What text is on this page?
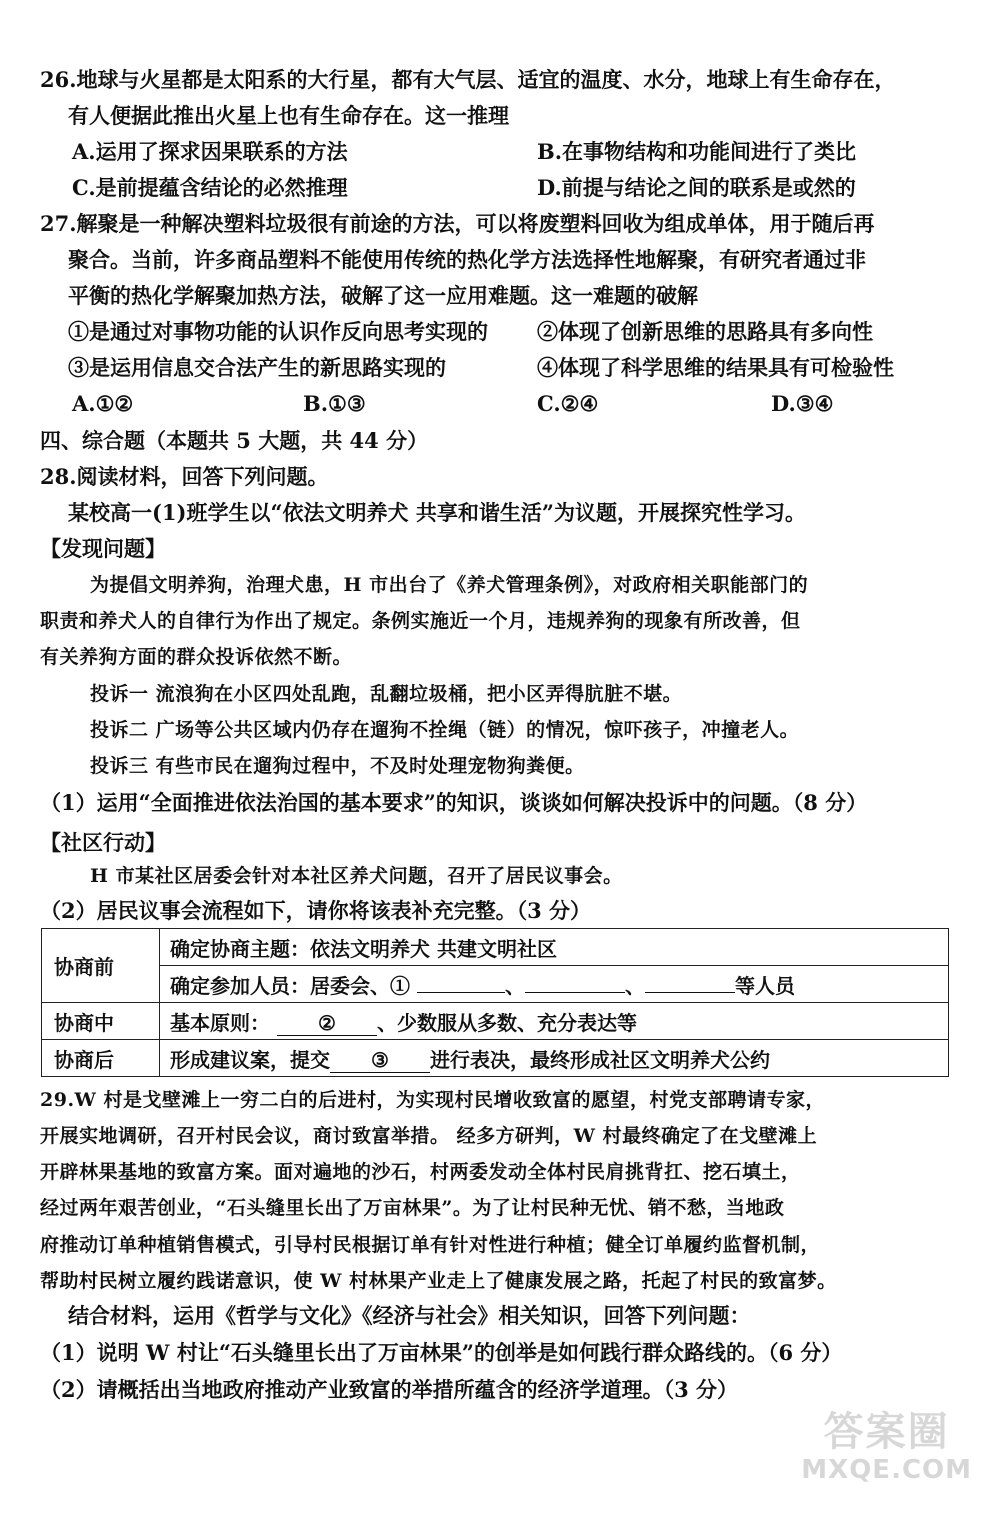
26.地球与火星都是太阳系的大行星，都有大气层、适宜的温度、水分，地球上有生命存在，
有人便据此推出火星上也有生命存在。这一推理
A.运用了探求因果联系的方法	B.在事物结构和功能间进行了类比
C.是前提蕴含结论的必然推理	D.前提与结论之间的联系是或然的
27.解聚是一种解决塑料垃圾很有前途的方法，可以将废塑料回收为组成单体，用于随后再
聚合。当前，许多商品塑料不能使用传统的热化学方法选择性地解聚，有研究者通过非
平衡的热化学解聚加热方法，破解了这一应用难题。这一难题的破解
①是通过对事物功能的认识作反向思考实现的 ②体现了创新思维的思路具有多向性
③是运用信息交合法产生的新思路实现的	④体现了科学思维的结果具有可检验性
A.①②	B.①③	C.②④	D.③④
四、综合题（本题共 5 大题，共 44 分）
28.阅读材料，回答下列问题。
某校高一(1)班学生以“依法文明养犬 共享和谐生活”为议题，开展探究性学习。
【发现问题】
为提倡文明养狗，治理犬患，H 市出台了《养犬管理条例》，对政府相关职能部门的
职责和养犬人的自律行为作出了规定。条例实施近一个月，违规养狗的现象有所改善，但
有关养狗方面的群众投诉依然不断。
投诉一 流浪狗在小区四处乱跑，乱翻垃圾桶，把小区弄得肮脏不堪。
投诉二 广场等公共区域内仍存在遛狗不拴绳（链）的情况，惊吓孩子，冲撞老人。
投诉三 有些市民在遛狗过程中，不及时处理宠物狗粪便。
（1）运用“全面推进依法治国的基本要求”的知识，谈谈如何解决投诉中的问题。（8 分）
【社区行动】
H 市某社区居委会针对本社区养犬问题，召开了居民议事会。
（2）居民议事会流程如下，请你将该表补充完整。（3 分）
协商前	确定协商主题：依法文明养犬 共建文明社区
	确定参加人员：居委会、① 、 、 等人员
协商中	基本原则： ② 、少数服从多数、充分表达等
协商后	形成建议案，提交 ③ 进行表决，最终形成社区文明养犬公约
29.W 村是戈壁滩上一穷二白的后进村，为实现村民增收致富的愿望，村党支部聘请专家，
开展实地调研，召开村民会议，商讨致富举措。 经多方研判，W 村最终确定了在戈壁滩上
开辟林果基地的致富方案。面对遍地的沙石，村两委发动全体村民肩挑背扛、挖石填土，
经过两年艰苦创业，“石头缝里长出了万亩林果”。为了让村民种无忧、销不愁，当地政
府推动订单种植销售模式，引导村民根据订单有针对性进行种植；健全订单履约监督机制，
帮助村民树立履约践诺意识，使 W 村林果产业走上了健康发展之路，托起了村民的致富梦。
结合材料，运用《哲学与文化》《经济与社会》相关知识，回答下列问题：
（1）说明 W 村让“石头缝里长出了万亩林果”的创举是如何践行群众路线的。（6 分）
（2）请概括出当地政府推动产业致富的举措所蕴含的经济学道理。（3 分）
答案圈
MXQE.COM
